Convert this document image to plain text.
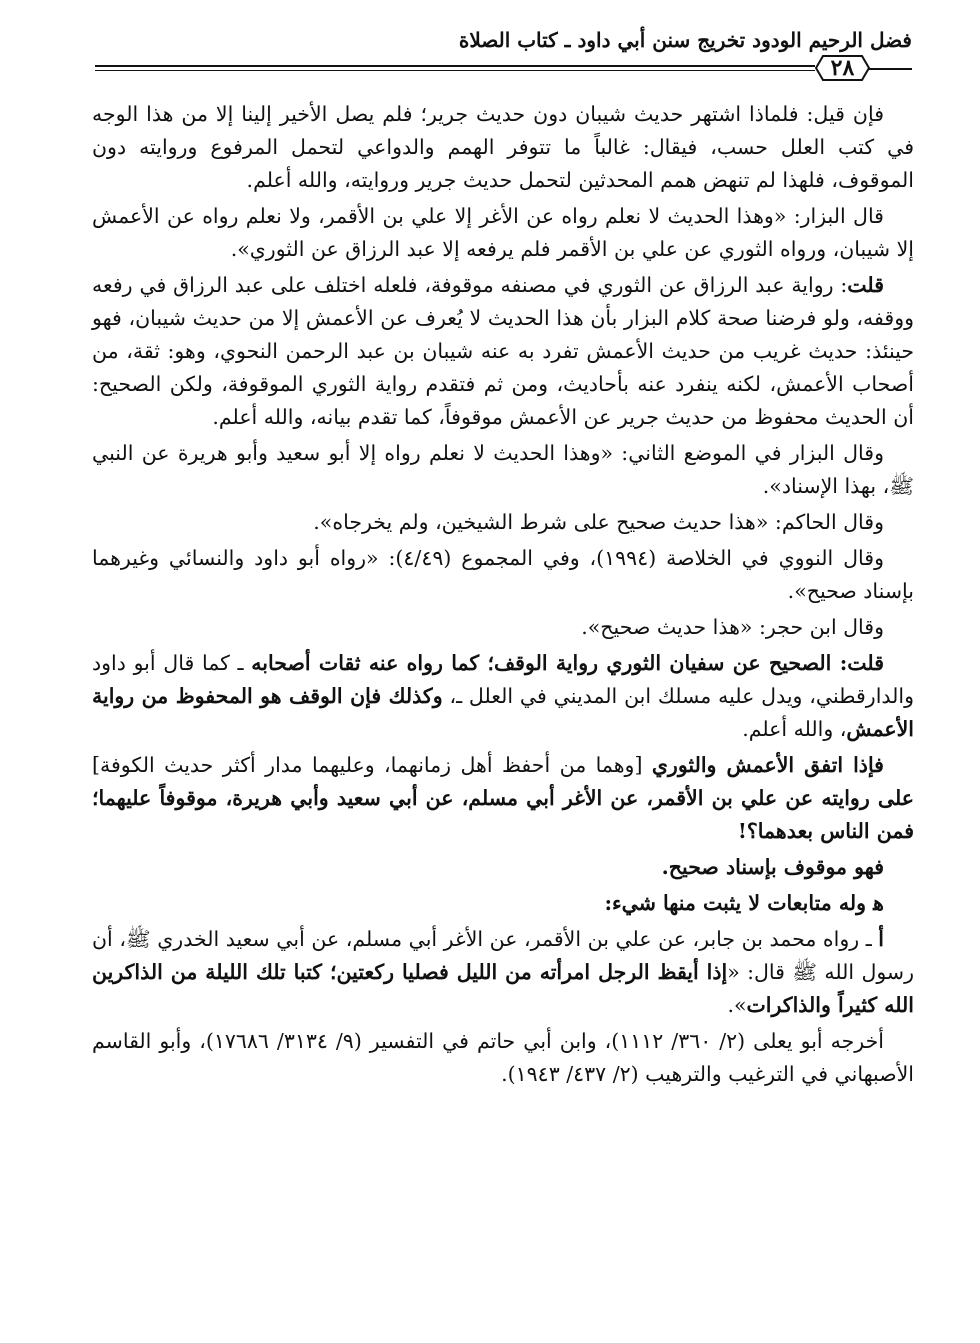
فضل الرحيم الودود تخريج سنن أبي داود ـ كتاب الصلاة
٢٨

فإن قيل: فلماذا اشتهر حديث شيبان دون حديث جرير؛ فلم يصل الأخير إلينا إلا من هذا الوجه في كتب العلل حسب، فيقال: غالباً ما تتوفر الهمم والدواعي لتحمل المرفوع وروايته دون الموقوف، فلهذا لم تنهض همم المحدثين لتحمل حديث جرير وروايته، والله أعلم.

قال البزار: «وهذا الحديث لا نعلم رواه عن الأغر إلا علي بن الأقمر، ولا نعلم رواه عن الأعمش إلا شيبان، ورواه الثوري عن علي بن الأقمر فلم يرفعه إلا عبد الرزاق عن الثوري».

قلت: رواية عبد الرزاق عن الثوري في مصنفه موقوفة، فلعله اختلف على عبد الرزاق في رفعه ووقفه، ولو فرضنا صحة كلام البزار بأن هذا الحديث لا يُعرف عن الأعمش إلا من حديث شيبان، فهو حينئذ: حديث غريب من حديث الأعمش تفرد به عنه شيبان بن عبد الرحمن النحوي، وهو: ثقة، من أصحاب الأعمش، لكنه ينفرد عنه بأحاديث، ومن ثم فتقدم رواية الثوري الموقوفة، ولكن الصحيح: أن الحديث محفوظ من حديث جرير عن الأعمش موقوفاً، كما تقدم بيانه، والله أعلم.

وقال البزار في الموضع الثاني: «وهذا الحديث لا نعلم رواه إلا أبو سعيد وأبو هريرة عن النبي ﷺ، بهذا الإسناد».

وقال الحاكم: «هذا حديث صحيح على شرط الشيخين، ولم يخرجاه».

وقال النووي في الخلاصة (١٩٩٤)، وفي المجموع (٤/٤٩): «رواه أبو داود والنسائي وغيرهما بإسناد صحيح».

وقال ابن حجر: «هذا حديث صحيح».

قلت: الصحيح عن سفيان الثوري رواية الوقف؛ كما رواه عنه ثقات أصحابه ـ كما قال أبو داود والدارقطني، ويدل عليه مسلك ابن المديني في العلل ـ، وكذلك فإن الوقف هو المحفوظ من رواية الأعمش، والله أعلم.

فإذا اتفق الأعمش والثوري [وهما من أحفظ أهل زمانهما، وعليهما مدار أكثر حديث الكوفة] على روايته عن علي بن الأقمر، عن الأغر أبي مسلم، عن أبي سعيد وأبي هريرة، موقوفاً عليهما؛ فمن الناس بعدهما؟!

فهو موقوف بإسناد صحيح.

ﻫ وله متابعات لا يثبت منها شيء:

أ ـ رواه محمد بن جابر، عن علي بن الأقمر، عن الأغر أبي مسلم، عن أبي سعيد الخدري ﷺ، أن رسول الله ﷺ قال: «إذا أيقظ الرجل امرأته من الليل فصليا ركعتين؛ كتبا تلك الليلة من الذاكرين الله كثيراً والذاكرات».

أخرجه أبو يعلى (٢/ ٣٦٠/ ١١١٢)، وابن أبي حاتم في التفسير (٩/ ٣١٣٤/ ١٧٦٨٦)، وأبو القاسم الأصبهاني في الترغيب والترهيب (٢/ ٤٣٧/ ١٩٤٣).
